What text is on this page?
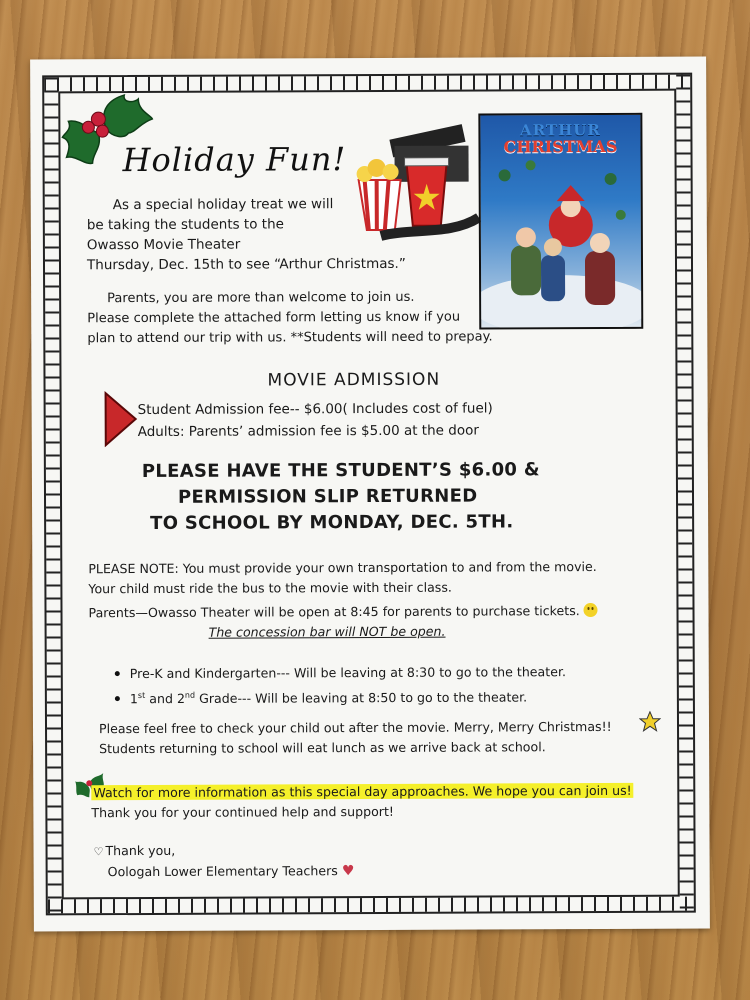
Holiday Fun!
ARTHUR
CHRISTMAS
As a special holiday treat we will
be taking the students to the
Owasso Movie Theater
Thursday, Dec. 15th to see “Arthur Christmas.”
Parents, you are more than welcome to join us.
Please complete the attached form letting us know if you
plan to attend our trip with us. **Students will need to prepay.
MOVIE ADMISSION
Student Admission fee-- $6.00( Includes cost of fuel)
Adults: Parents’ admission fee is $5.00 at the door
PLEASE HAVE THE STUDENT’S $6.00 &
PERMISSION SLIP RETURNED
TO SCHOOL BY MONDAY, DEC. 5TH.
PLEASE NOTE: You must provide your own transportation to and from the movie.
Your child must ride the bus to the movie with their class.
Parents—Owasso Theater will be open at 8:45 for parents to purchase tickets.
The concession bar will NOT be open.
Pre-K and Kindergarten--- Will be leaving at 8:30 to go to the theater.
1st and 2nd Grade--- Will be leaving at 8:50 to go to the theater.
Please feel free to check your child out after the movie. Merry, Merry Christmas!!
Students returning to school will eat lunch as we arrive back at school.
Watch for more information as this special day approaches. We hope you can join us!
Thank you for your continued help and support!
♡ Thank you,
Oologah Lower Elementary Teachers ♥
